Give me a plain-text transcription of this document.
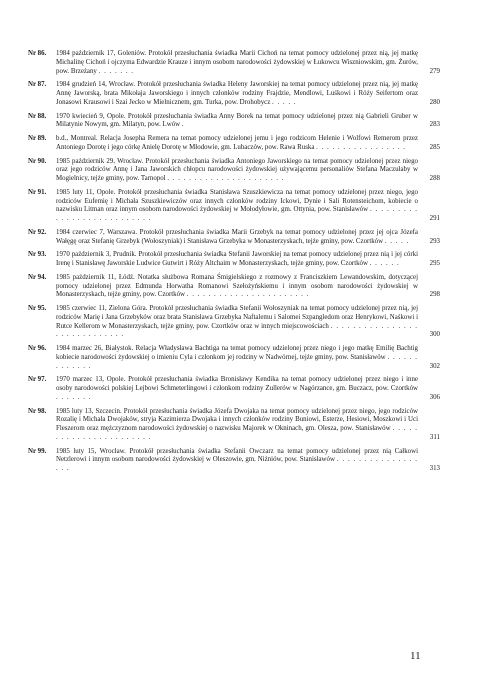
Nr 86. 1984 październik 17, Goleniów. Protokół przesłuchania świadka Marii Cichoń na temat pomocy udzielonej przez nią, jej matkę Michalinę Cichoń i ojczyma Edwardzie Krauze i innym osobom narodowości żydowskiej w Łukowcu Wiszniowskim, gm. Żurów, pow. Brzeżany . . . . . . .	279
Nr 87. 1984 grudzień 14, Wrocław. Protokół przesłuchania świadka Heleny Jaworskiej na temat pomocy udzielonej przez nią, jej matkę Annę Jaworską, brata Mikołaja Jaworskiego i innych członków rodziny Frajdzie, Mendlowi, Luśkowi i Róży Seifertom oraz Jonasowi Krausowi i Szai Jecko w Mielnicznem, gm. Turka, pow. Drohobycz . . . . .	280
Nr 88. 1970 kwiecień 9, Opole. Protokół przesłuchania świadka Anny Borek na temat pomocy udzielonej przez nią Gabrieli Gruber w Milatynie Nowym, gm. Milatyn, pow. Lwów .	283
Nr 89. b.d., Montreal. Relacja Josepha Remera na temat pomocy udzielonej jemu i jego rodzicom Helenie i Wolfowi Remerom przez Antoniego Dorotę i jego córkę Anielę Dorotę w Młodowie, gm. Lubaczów, pow. Rawa Ruska . . . . . . . . . . . . . . . . .	285
Nr 90. 1985 październik 29, Wrocław. Protokół przesłuchania świadka Antoniego Jaworskiego na temat pomocy udzielonej przez niego oraz jego rodziców Annę i Jana Jaworskich chłopcu narodowości żydowskiej używającemu personaliów Stefana Maczułaby w Mogielnicy, tejże gminy, pow. Tarnopol . . . . . . . . . . . . . . . . . . . . . .	288
Nr 91. 1985 luty 11, Opole. Protokół przesłuchania świadka Stanisława Szuszkiewicza na temat pomocy udzielonej przez niego, jego rodziców Eufemię i Michała Szuszkiewiczów oraz innych członków rodziny Ickowi, Dynie i Sali Rotensteichom, kobiecie o nazwisku Litman oraz innym osobom narodowości żydowskiej w Mołodyłowie, gm. Ottynia, pow. Stanisławów . . . . . . . . . . . . . . . . . . . . . . . . . . .	291
Nr 92. 1984 czerwiec 7, Warszawa. Protokół przesłuchania świadka Marii Grzebyk na temat pomocy udzielonej przez jej ojca Józefa Wałęgę oraz Stefanię Grzebyk (Wołoszyniak) i Stanisława Grzebyka w Monasterzyskach, tejże gminy, pow. Czortków . . . . .	293
Nr 93. 1970 październik 3, Prudnik. Protokół przesłuchania świadka Stefanii Jaworskiej na temat pomocy udzielonej przez nią i jej córki Irenę i Stanisławę Jaworskie Ludwice Gutwirt i Róży Altchaim w Monasterzyskach, tejże gminy, pow. Czortków . . . . . .	295
Nr 94. 1985 październik 11, Łódź. Notatka służbowa Romana Śmigielskiego z rozmowy z Franciszkiem Lewandowskim, dotyczącej pomocy udzielonej przez Edmunda Horwatha Romanowi Szełożyńskiemu i innym osobom narodowości żydowskiej w Monasterzyskach, tejże gminy, pow. Czortków . . . . . . . . . . . . . . . . . . . . . . .	298
Nr 95. 1985 czerwiec 11, Zielona Góra. Protokół przesłuchania świadka Stefanii Wołoszyniak na temat pomocy udzielonej przez nią, jej rodziców Marię i Jana Grzebyków oraz brata Stanisława Grzebyka Naftalemu i Salomei Szpangledom oraz Henrykowi, Naśkowi i Rutce Kellerom w Monasterzyskach, tejże gminy, pow. Czortków oraz w innych miejscowościach . . . . . . . . . . . . . . . . . . . . . . . . . . . . .	300
Nr 96. 1984 marzec 26, Białystok. Relacja Władysława Bachtiga na temat pomocy udzielonej przez niego i jego matkę Emilię Bachtig kobiecie narodowości żydowskiej o imieniu Cyla i członkom jej rodziny w Nadwórnej, tejże gminy, pow. Stanisławów . . . . . . . . . . . . .	302
Nr 97. 1970 marzec 13, Opole. Protokół przesłuchania świadka Bronisławy Kendika na temat pomocy udzielonej przez niego i inne osoby narodowości polskiej Lejbowi Schmeterlingowi i członkom rodziny Zullerów w Nagórzance, gm. Buczacz, pow. Czortków . . . . . . .	306
Nr 98. 1985 luty 13, Szczecin. Protokół przesłuchania świadka Józefa Dwojaka na temat pomocy udzielonej przez niego, jego rodziców Rozalię i Michała Dwojaków, stryja Kazimierza Dwojaka i innych członków rodziny Buniowi, Esterze, Hesiowi, Moszkowi i Uci Fleszerom oraz mężczyznom narodowości żydowskiej o nazwisku Majorek w Okninach, gm. Olesza, pow. Stanisławów . . . . . . . . . . . . . . . . . . . . . . .	311
Nr 99. 1985 luty 15, Wrocław. Protokół przesłuchania świadka Stefanii Owczarz na temat pomocy udzielonej przez nią Całkowi Netzlerowi i innym osobom narodowości żydowskiej w Oleszowie, gm. Niżniów, pow. Stanisławów . . . . . . . . . . . . . . . . . .	313
11
